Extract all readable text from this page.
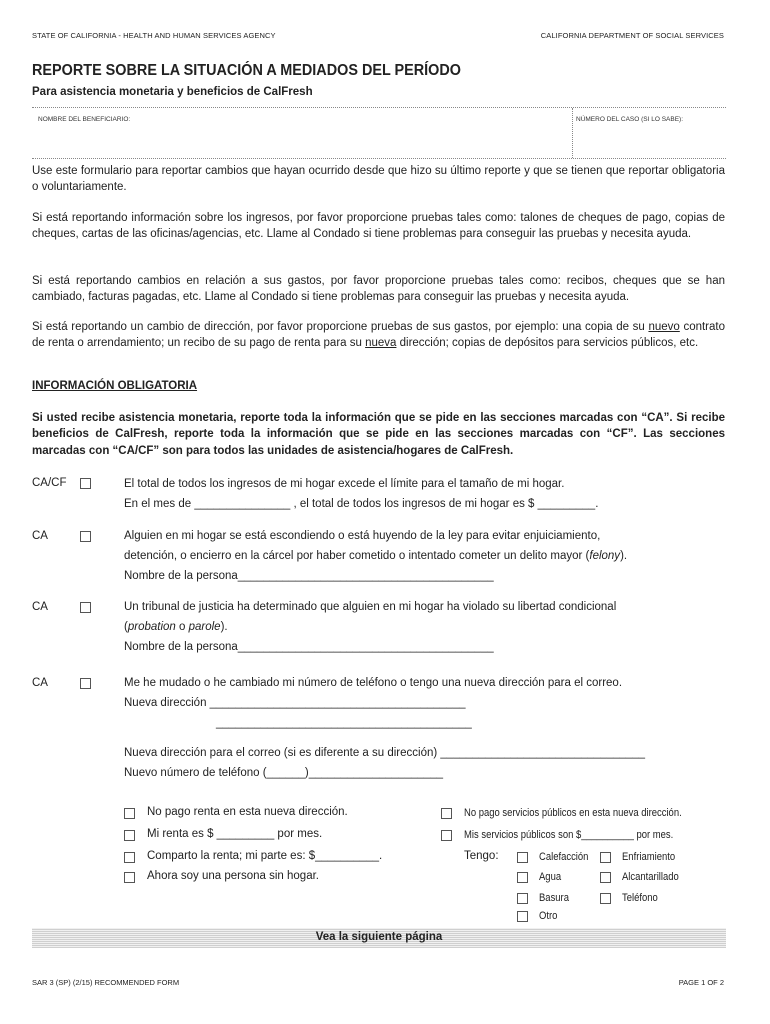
STATE OF CALIFORNIA - HEALTH AND HUMAN SERVICES AGENCY	CALIFORNIA DEPARTMENT OF SOCIAL SERVICES
REPORTE SOBRE LA SITUACIÓN A MEDIADOS DEL PERÍODO
Para asistencia monetaria y beneficios de CalFresh
NOMBRE DEL BENEFICIARIO:	NÚMERO DEL CASO (SI LO SABE):
Use este formulario para reportar cambios que hayan ocurrido desde que hizo su último reporte y que se tienen que reportar obligatoria o voluntariamente.
Si está reportando información sobre los ingresos, por favor proporcione pruebas tales como: talones de cheques de pago, copias de cheques, cartas de las oficinas/agencias, etc. Llame al Condado si tiene problemas para conseguir las pruebas y necesita ayuda.
Si está reportando cambios en relación a sus gastos, por favor proporcione pruebas tales como: recibos, cheques que se han cambiado, facturas pagadas, etc. Llame al Condado si tiene problemas para conseguir las pruebas y necesita ayuda.
Si está reportando un cambio de dirección, por favor proporcione pruebas de sus gastos, por ejemplo: una copia de su nuevo contrato de renta o arrendamiento; un recibo de su pago de renta para su nueva dirección; copias de depósitos para servicios públicos, etc.
INFORMACIÓN OBLIGATORIA
Si usted recibe asistencia monetaria, reporte toda la información que se pide en las secciones marcadas con “CA”. Si recibe beneficios de CalFresh, reporte toda la información que se pide en las secciones marcadas con “CF”. Las secciones marcadas con “CA/CF” son para todos las unidades de asistencia/hogares de CalFresh.
CA/CF	El total de todos los ingresos de mi hogar excede el límite para el tamaño de mi hogar.
En el mes de _______________ , el total de todos los ingresos de mi hogar es $ _________.
CA	Alguien en mi hogar se está escondiendo o está huyendo de la ley para evitar enjuiciamiento,
detención, o encierro en la cárcel por haber cometido o intentado cometer un delito mayor (felony).
Nombre de la persona________________________________________
CA	Un tribunal de justicia ha determinado que alguien en mi hogar ha violado su libertad condicional
(probation o parole).
Nombre de la persona________________________________________
CA	Me he mudado o he cambiado mi número de teléfono o tengo una nueva dirección para el correo.
Nueva dirección ________________________________________
________________________________________
Nueva dirección para el correo (si es diferente a su dirección) ________________________________
Nuevo número de teléfono (______)_____________________
No pago renta en esta nueva dirección.
Mi renta es $ _________ por mes.
Comparto la renta; mi parte es: $__________.
Ahora soy una persona sin hogar.
No pago servicios públicos en esta nueva dirección.
Mis servicios públicos son $__________ por mes.
Tengo:	Calefacción	Enfriamiento
Agua	Alcantarillado
Basura	Teléfono
Otro
Vea la siguiente página
SAR 3 (SP) (2/15) RECOMMENDED FORM	PAGE 1 OF 2
